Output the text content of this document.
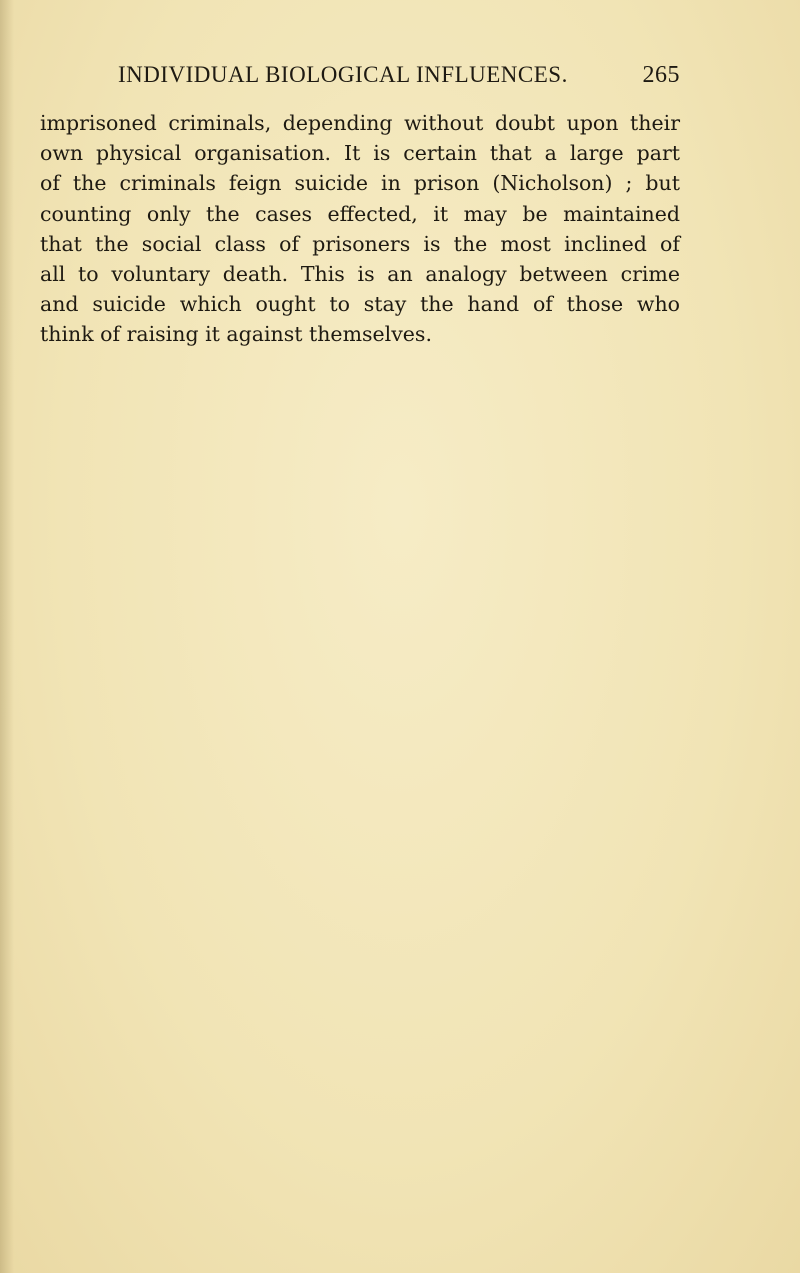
INDIVIDUAL BIOLOGICAL INFLUENCES.	265
imprisoned criminals, depending without doubt upon their
own physical organisation. It is certain that a large part
of the criminals feign suicide in prison (Nicholson) ; but
counting only the cases effected, it may be maintained
that the social class of prisoners is the most inclined of
all to voluntary death. This is an analogy between crime
and suicide which ought to stay the hand of those who
think of raising it against themselves.
